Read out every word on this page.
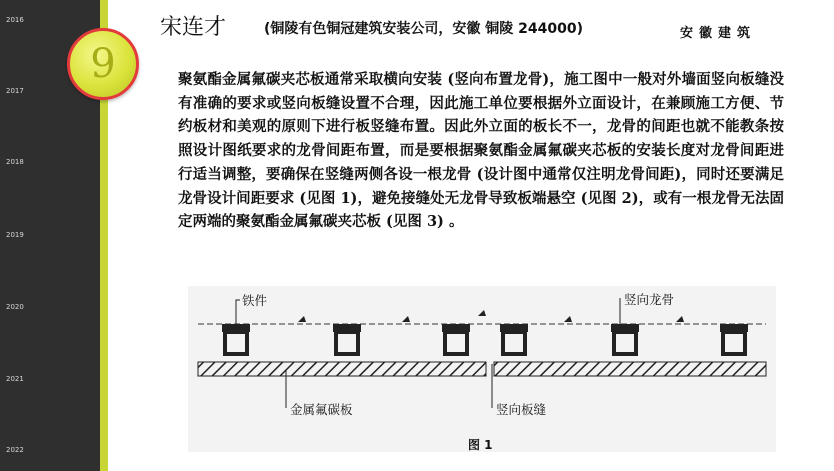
2016
2017
2018
2019
2020
2021
2022
9
宋连才	(铜陵有色铜冠建筑安装公司，安徽 铜陵 244000)	安徽建筑
聚氨酯金属氟碳夹芯板通常采取横向安装 (竖向布置龙骨)，施工图中一般对外墙面竖向板缝没有准确的要求或竖向板缝设置不合理，因此施工单位要根据外立面设计，在兼顾施工方便、节约板材和美观的原则下进行板竖缝布置。因此外立面的板长不一，龙骨的间距也就不能教条按照设计图纸要求的龙骨间距布置，而是要根据聚氨酯金属氟碳夹芯板的安装长度对龙骨间距进行适当调整，要确保在竖缝两侧各设一根龙骨 (设计图中通常仅注明龙骨间距)，同时还要满足龙骨设计间距要求 (见图 1)，避免接缝处无龙骨导致板端悬空 (见图 2)，或有一根龙骨无法固定两端的聚氨酯金属氟碳夹芯板 (见图 3) 。
铁件	竖向龙骨
金属氟碳板	竖向板缝
图 1
